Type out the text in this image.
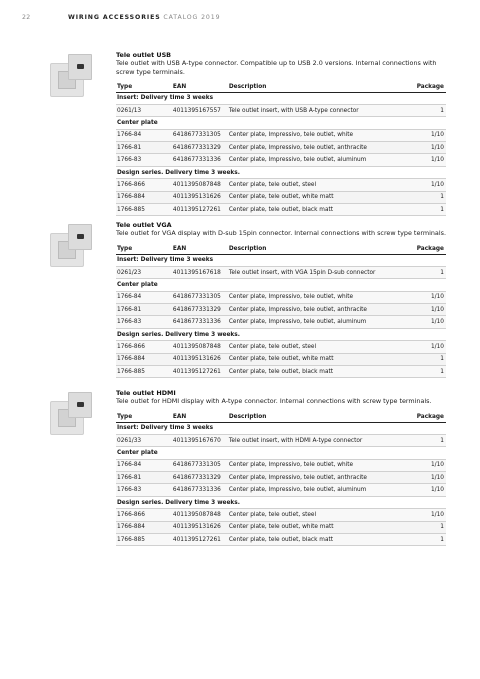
22	WIRING ACCESSORIES CATALOG 2019
Tele outlet USB
Tele outlet with USB A-type connector. Compatible up to USB 2.0 versions. Internal connections with screw type terminals.
Type	EAN	Description	Package
Insert: Delivery time 3 weeks			
0261/13	4011395167557	Tele outlet insert, with USB A-type connector	1
Center plate			
1766-84	6418677331305	Center plate, Impressivo, tele outlet, white	1/10
1766-81	6418677331329	Center plate, Impressivo, tele outlet, anthracite	1/10
1766-83	6418677331336	Center plate, Impressivo, tele outlet, aluminum	1/10
Design series. Delivery time 3 weeks.			
1766-866	4011395087848	Center plate, tele outlet, steel	1/10
1766-884	4011395131626	Center plate, tele outlet, white matt	1
1766-885	4011395127261	Center plate, tele outlet, black matt	1
Tele outlet VGA
Tele outlet for VGA display with D-sub 15pin connector. Internal connections with screw type terminals.
Type	EAN	Description	Package
Insert: Delivery time 3 weeks			
0261/23	4011395167618	Tele outlet insert, with VGA 15pin D-sub connector	1
Center plate			
1766-84	6418677331305	Center plate, Impressivo, tele outlet, white	1/10
1766-81	6418677331329	Center plate, Impressivo, tele outlet, anthracite	1/10
1766-83	6418677331336	Center plate, Impressivo, tele outlet, aluminum	1/10
Design series. Delivery time 3 weeks.			
1766-866	4011395087848	Center plate, tele outlet, steel	1/10
1766-884	4011395131626	Center plate, tele outlet, white matt	1
1766-885	4011395127261	Center plate, tele outlet, black matt	1
Tele outlet HDMI
Tele outlet for HDMI display with A-type connector. Internal connections with screw type terminals.
Type	EAN	Description	Package
Insert: Delivery time 3 weeks			
0261/33	4011395167670	Tele outlet insert, with HDMI A-type connector	1
Center plate			
1766-84	6418677331305	Center plate, Impressivo, tele outlet, white	1/10
1766-81	6418677331329	Center plate, Impressivo, tele outlet, anthracite	1/10
1766-83	6418677331336	Center plate, Impressivo, tele outlet, aluminum	1/10
Design series. Delivery time 3 weeks.			
1766-866	4011395087848	Center plate, tele outlet, steel	1/10
1766-884	4011395131626	Center plate, tele outlet, white matt	1
1766-885	4011395127261	Center plate, tele outlet, black matt	1
